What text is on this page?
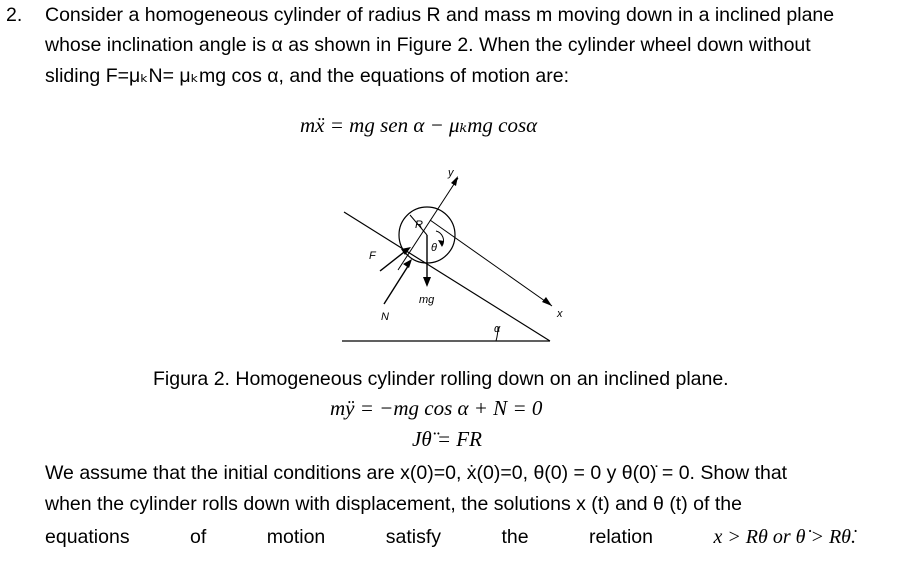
2. Consider a homogeneous cylinder of radius R and mass m moving down in a inclined plane
whose inclination angle is α as shown in Figure 2. When the cylinder wheel down without
sliding F=μₖN= μₖmg cos α, and the equations of motion are:
mẍ = mg sen α − μₖmg cosα
y
x
R
θ
F
N
mg
α
Figura 2. Homogeneous cylinder rolling down on an inclined plane.
mÿ = −mg cos α + N = 0
Jθ̈ = FR
We assume that the initial conditions are x(0)=0, ẋ(0)=0, θ(0) = 0 y θ(0)̇ = 0. Show that
when the cylinder rolls down with displacement, the solutions x (t) and θ (t) of the
equations	of	motion	satisfy	the	relation	x > Rθ or θ̇ > Rθ̇.
